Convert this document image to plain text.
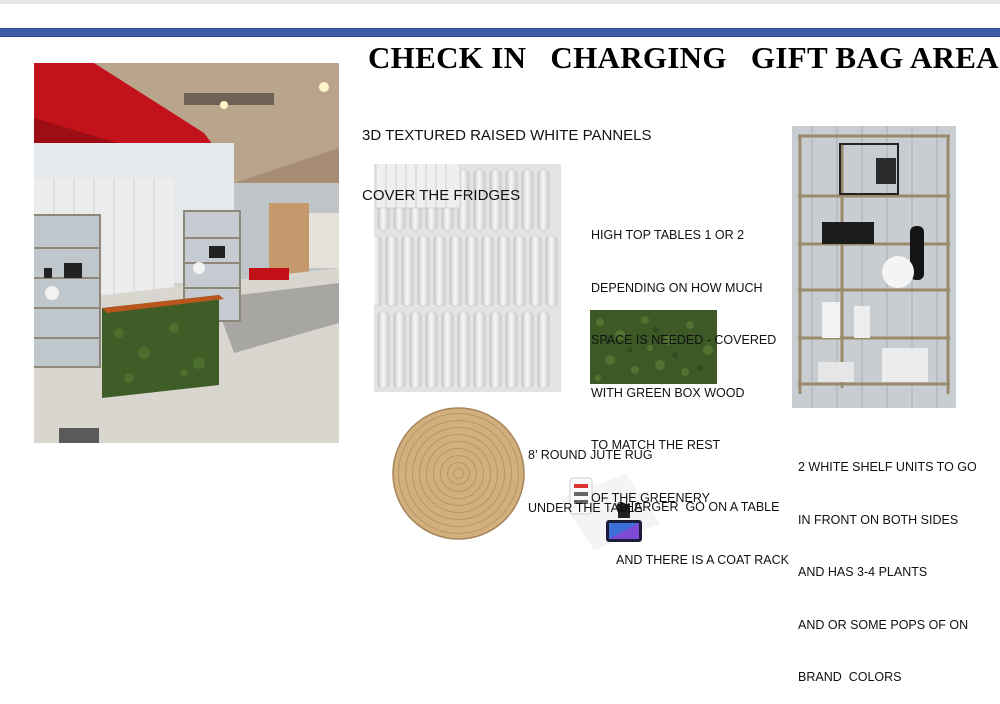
CHECK IN   CHARGING   GIFT BAG AREA

3D TEXTURED RAISED WHITE PANNELS

COVER THE FRIDGES

HIGH TOP TABLES 1 OR 2

DEPENDING ON HOW MUCH

SPACE IS NEEDED - COVERED

WITH GREEN BOX WOOD

TO MATCH THE REST

OF THE GREENERY

8’ ROUND JUTE RUG

UNDER THE TABLE

CHARGER  GO ON A TABLE

AND THERE IS A COAT RACK

2 WHITE SHELF UNITS TO GO

IN FRONT ON BOTH SIDES

AND HAS 3-4 PLANTS

AND OR SOME POPS OF ON

BRAND  COLORS
